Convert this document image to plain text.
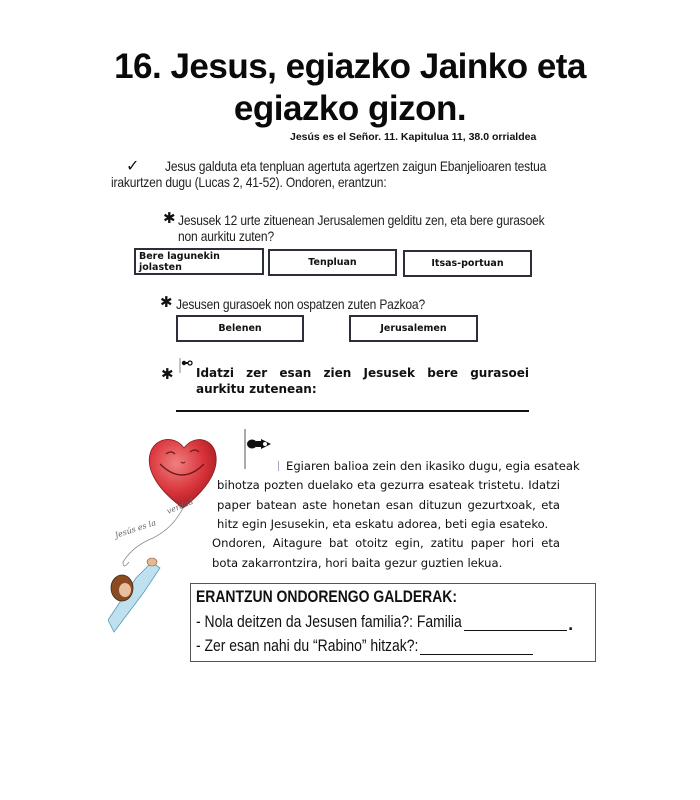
16. Jesus, egiazko Jainko eta
egiazko gizon.
Jesús es el Señor. 11. Kapitulua 11, 38.0 orrialdea
✓ Jesus galduta eta tenpluan agertuta agertzen zaigun Ebanjelioaren testua
irakurtzen dugu (Lucas 2, 41-52). Ondoren, erantzun:
✱ Jesusek 12 urte zituenean Jerusalemen gelditu zen, eta bere gurasoek
non aurkitu zuten?
Bere lagunekin jolasten	Tenpluan	Itsas-portuan
✱ Jesusen gurasoek non ospatzen zuten Pazkoa?
Belenen	Jerusalemen
✱ Idatzi zer esan zien Jesusek bere gurasoei aurkitu zutenean:
Jesús es la
verdad
Egiaren balioa zein den ikasiko dugu, egia esateak
bihotza pozten duelako eta gezurra esateak tristetu. Idatzi paper batean aste honetan esan dituzun gezurtxoak, eta hitz egin Jesusekin, eta eskatu adorea, beti egia esateko.
Ondoren, Aitagure bat otoitz egin, zatitu paper hori eta bota zakarrontzira, hori baita gezur guztien lekua.
ERANTZUN ONDORENGO GALDERAK:
- Nola deitzen da Jesusen familia?: Familia	.
- Zer esan nahi du “Rabino” hitzak?:
